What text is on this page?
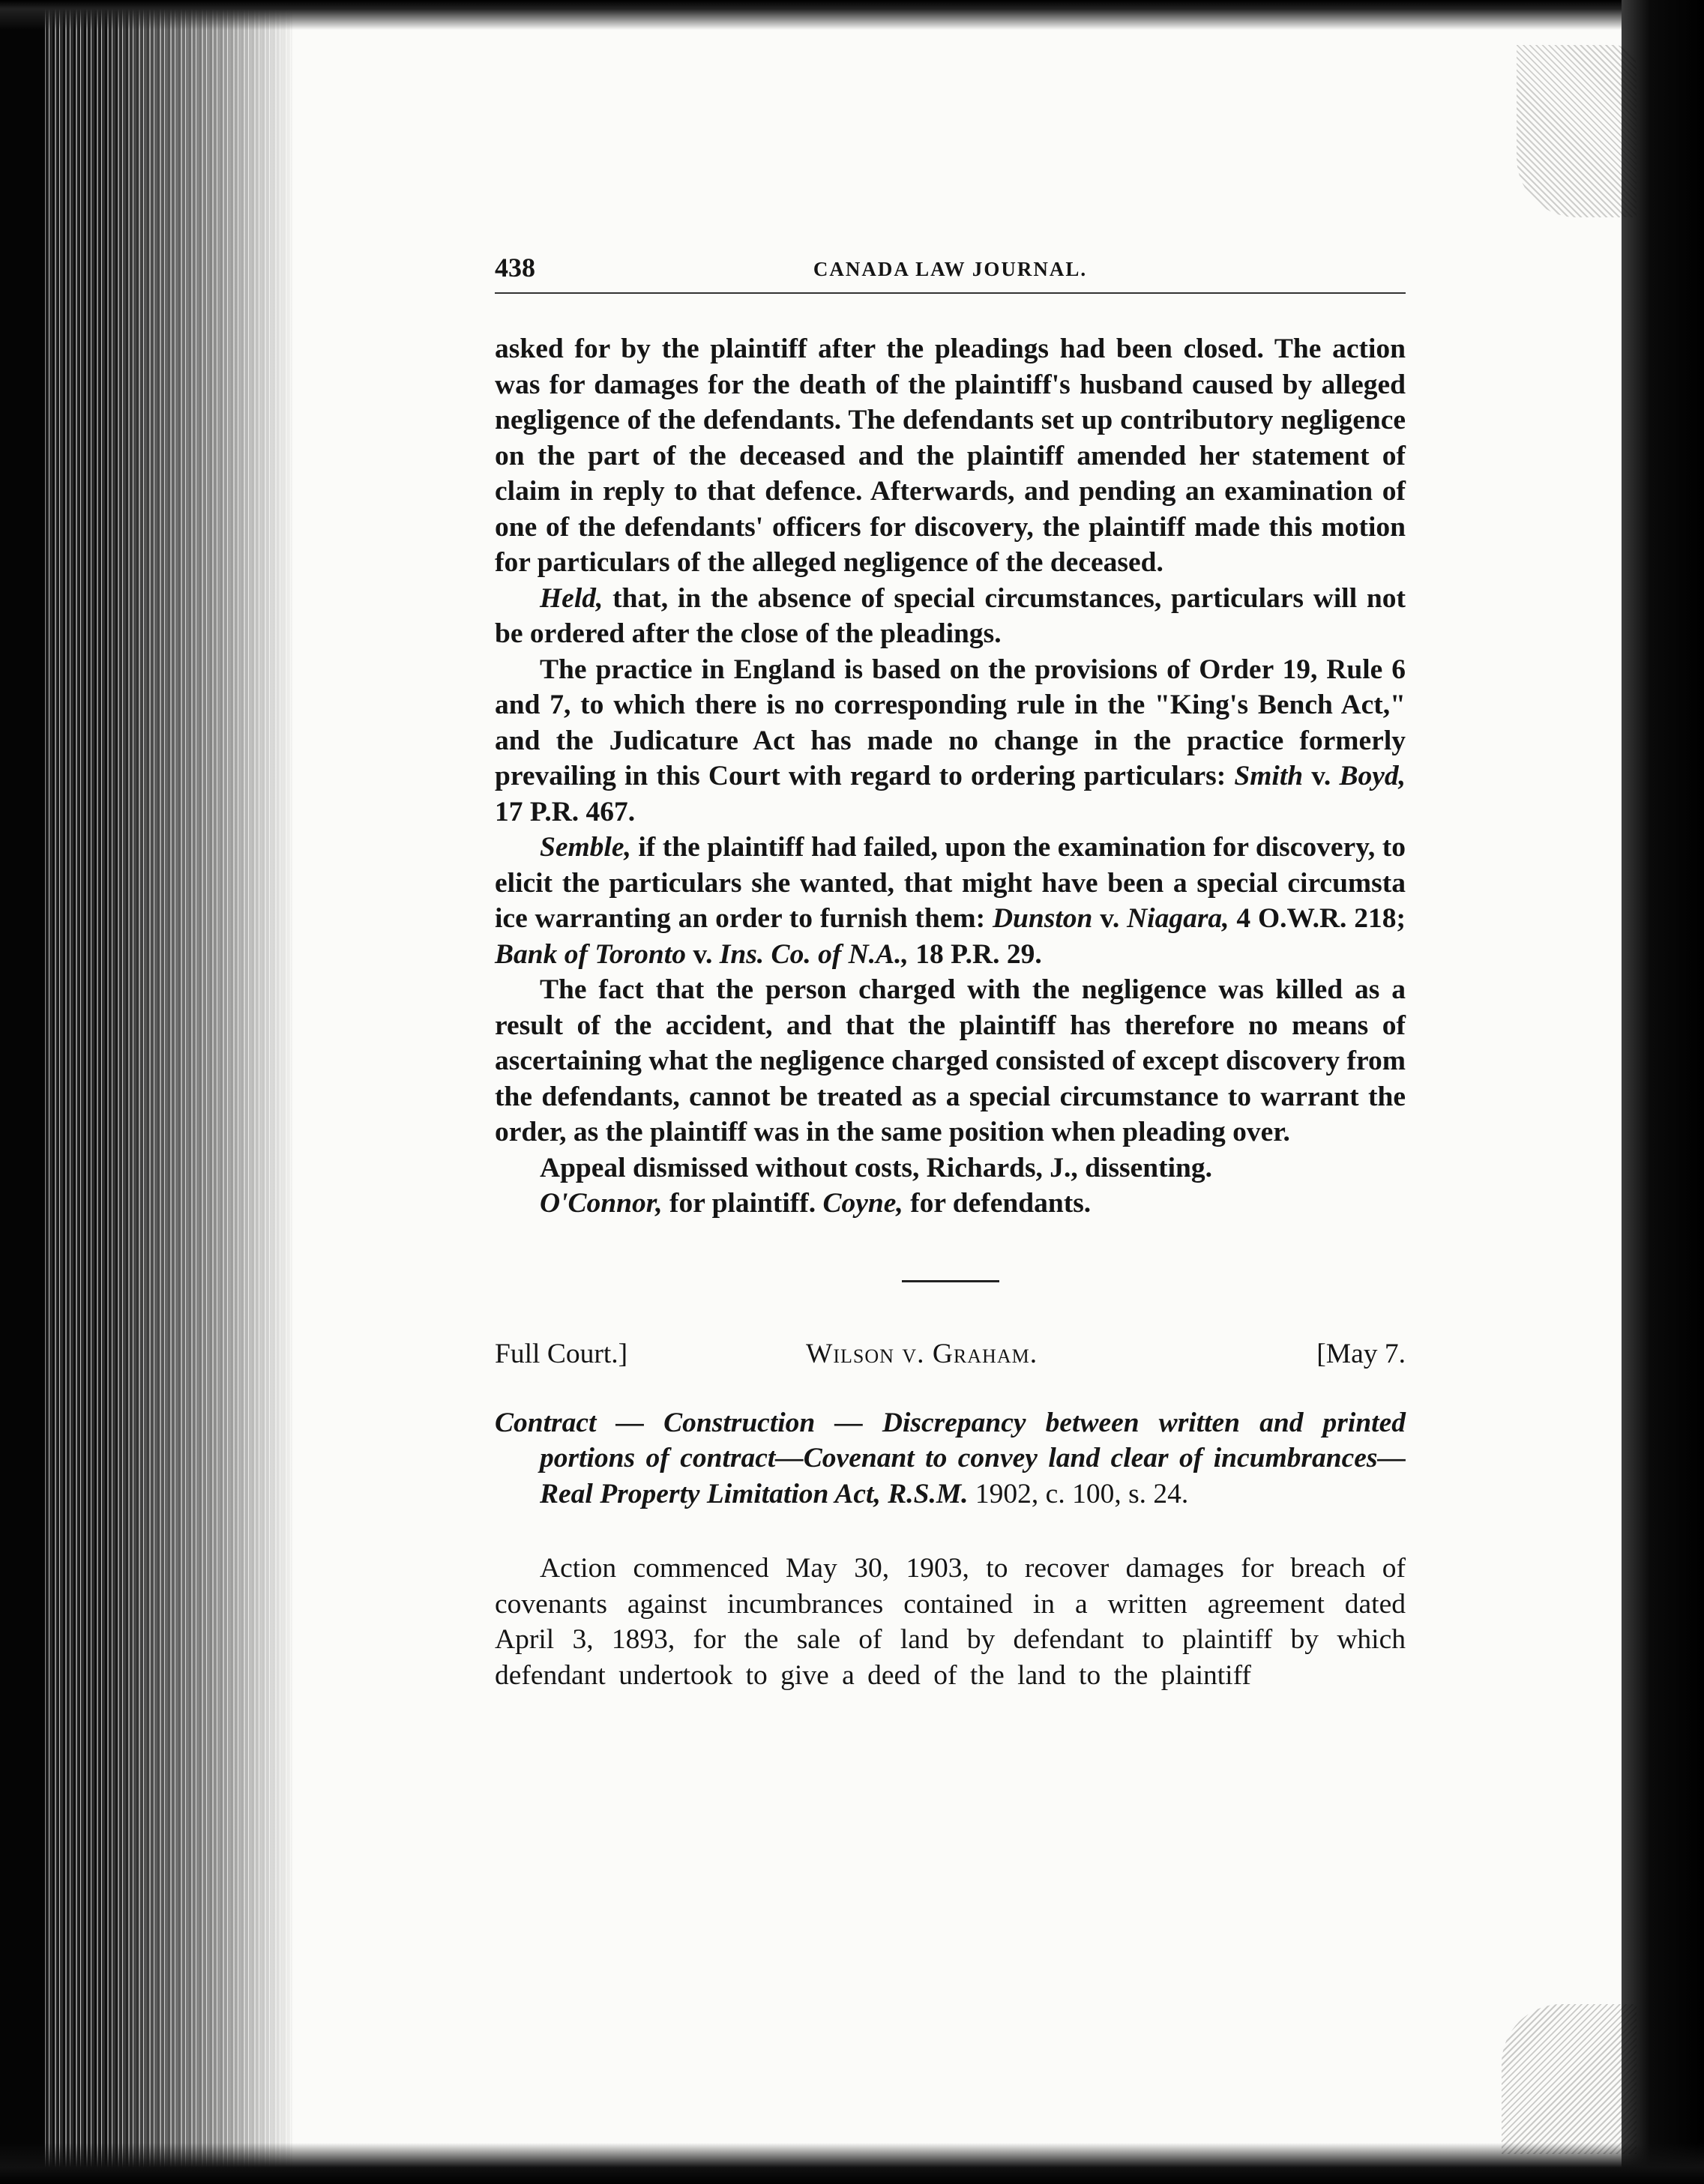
438	CANADA LAW JOURNAL.

asked for by the plaintiff after the pleadings had been closed. The action was for damages for the death of the plaintiff's husband caused by alleged negligence of the defendants. The defendants set up contributory negligence on the part of the deceased and the plaintiff amended her statement of claim in reply to that defence. Afterwards, and pending an examination of one of the defendants' officers for discovery, the plaintiff made this motion for particulars of the alleged negligence of the deceased.

Held, that, in the absence of special circumstances, particulars will not be ordered after the close of the pleadings.

The practice in England is based on the provisions of Order 19, Rule 6 and 7, to which there is no corresponding rule in the "King's Bench Act," and the Judicature Act has made no change in the practice formerly prevailing in this Court with regard to ordering particulars: Smith v. Boyd, 17 P.R. 467.

Semble, if the plaintiff had failed, upon the examination for discovery, to elicit the particulars she wanted, that might have been a special circumsta ice warranting an order to furnish them: Dunston v. Niagara, 4 O.W.R. 218; Bank of Toronto v. Ins. Co. of N.A., 18 P.R. 29.

The fact that the person charged with the negligence was killed as a result of the accident, and that the plaintiff has therefore no means of ascertaining what the negligence charged consisted of except discovery from the defendants, cannot be treated as a special circumstance to warrant the order, as the plaintiff was in the same position when pleading over.

Appeal dismissed without costs, Richards, J., dissenting.

O'Connor, for plaintiff. Coyne, for defendants.

Full Court.]	Wilson v. Graham.	[May 7.

Contract — Construction — Discrepancy between written and printed portions of contract—Covenant to convey land clear of incumbrances—Real Property Limitation Act, R.S.M. 1902, c. 100, s. 24.

Action commenced May 30, 1903, to recover damages for breach of covenants against incumbrances contained in a written agreement dated April 3, 1893, for the sale of land by defendant to plaintiff by which defendant undertook to give a deed of the land to the plaintiff
